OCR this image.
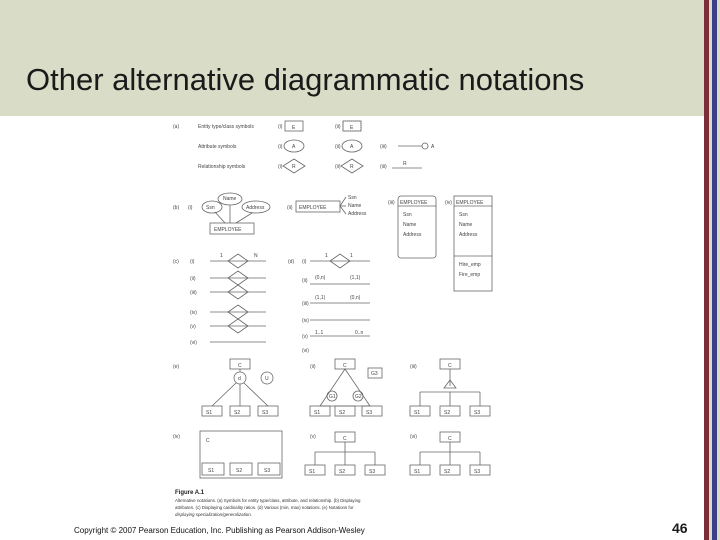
Other alternative diagrammatic notations
(a)	Entity type/class symbols	(i) E	(ii) E
Attribute symbols	(i) A	(ii) A	(iii)	A
Relationship symbols	(i) R	(ii) R	(iii)	R
(b) (i)
Name
Ssn	Address
EMPLOYEE
(ii) EMPLOYEE
Ssn
Name
Address
(iii) EMPLOYEE
Ssn
Name
Address
(iv) EMPLOYEE
Ssn
Name
Address
Hire_emp
Fire_emp
(c) (i)
(ii)
(iii)
(iv)
(v)
(vi)
1	N
(d) (i)
(ii)
(iii)
(iv)
(v)
(vi)
1	1
(0,n)	(1,1)
(1,1)	(0,n)
1..1	0..n
(e)	C
S1	S2	S3
d	U
(ii)	C
G1	G2
G3
S1	S2	S3
(iii)	C
S1	S2	S3
(iv)
C
S1	S2	S3
(v)	C
S1	S2	S3
(vi)	C
S1	S2	S3
Figure A.1
Alternative notations. (a) Symbols for entity type/class, attribute, and relationship. (b) Displaying
attributes. (c) Displaying cardinality ratios. (d) Various (min, max) notations. (e) Notations for
displaying specialization/generalization.
Copyright © 2007 Pearson Education, Inc. Publishing as Pearson Addison-Wesley	46
